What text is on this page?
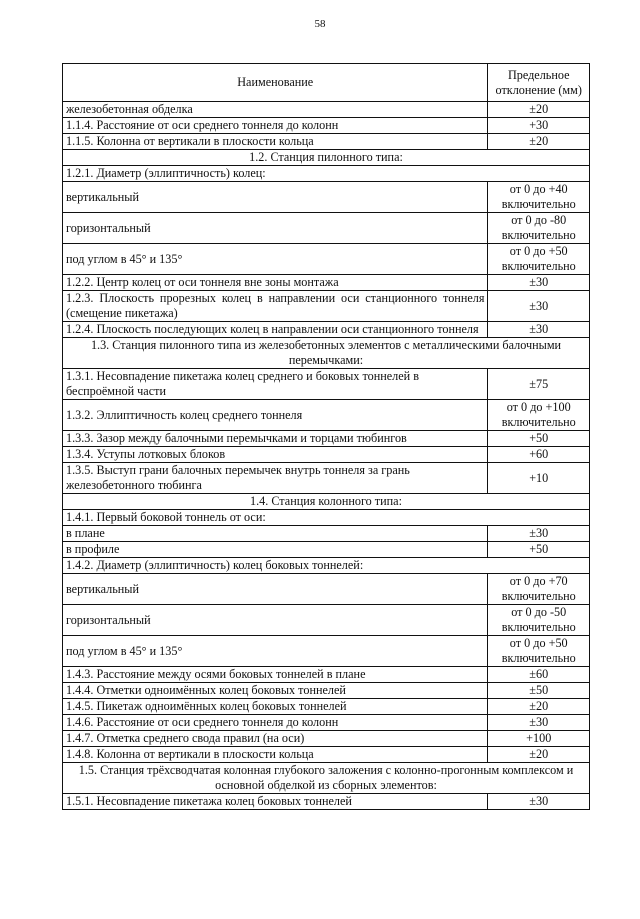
58
Наименование	Предельное отклонение (мм)
железобетонная обделка	±20
1.1.4. Расстояние от оси среднего тоннеля до колонн	+30
1.1.5. Колонна от вертикали в плоскости кольца	±20
1.2. Станция пилонного типа:	
1.2.1. Диаметр (эллиптичность) колец:	
вертикальный	от 0 до +40 включительно
горизонтальный	от 0 до -80 включительно
под углом в 45° и 135°	от 0 до +50 включительно
1.2.2. Центр колец от оси тоннеля вне зоны монтажа	±30
1.2.3. Плоскость прорезных колец в направлении оси станционного тоннеля (смещение пикетажа)	±30
1.2.4. Плоскость последующих колец в направлении оси станционного тоннеля	±30
1.3. Станция пилонного типа из железобетонных элементов с металлическими балочными перемычками:	
1.3.1. Несовпадение пикетажа колец среднего и боковых тоннелей в беспроёмной части	±75
1.3.2. Эллиптичность колец среднего тоннеля	от 0 до +100 включительно
1.3.3. Зазор между балочными перемычками и торцами тюбингов	+50
1.3.4. Уступы лотковых блоков	+60
1.3.5. Выступ грани балочных перемычек внутрь тоннеля за грань железобетонного тюбинга	+10
1.4. Станция колонного типа:	
1.4.1. Первый боковой тоннель от оси:	
в плане	±30
в профиле	+50
1.4.2. Диаметр (эллиптичность) колец боковых тоннелей:	
вертикальный	от 0 до +70 включительно
горизонтальный	от 0 до -50 включительно
под углом в 45° и 135°	от 0 до +50 включительно
1.4.3. Расстояние между осями боковых тоннелей в плане	±60
1.4.4. Отметки одноимённых колец боковых тоннелей	±50
1.4.5. Пикетаж одноимённых колец боковых тоннелей	±20
1.4.6. Расстояние от оси среднего тоннеля до колонн	±30
1.4.7. Отметка среднего свода правил (на оси)	+100
1.4.8. Колонна от вертикали в плоскости кольца	±20
1.5. Станция трёхсводчатая колонная глубокого заложения с колонно-прогонным комплексом и основной обделкой из сборных элементов:	
1.5.1. Несовпадение пикетажа колец боковых тоннелей	±30
